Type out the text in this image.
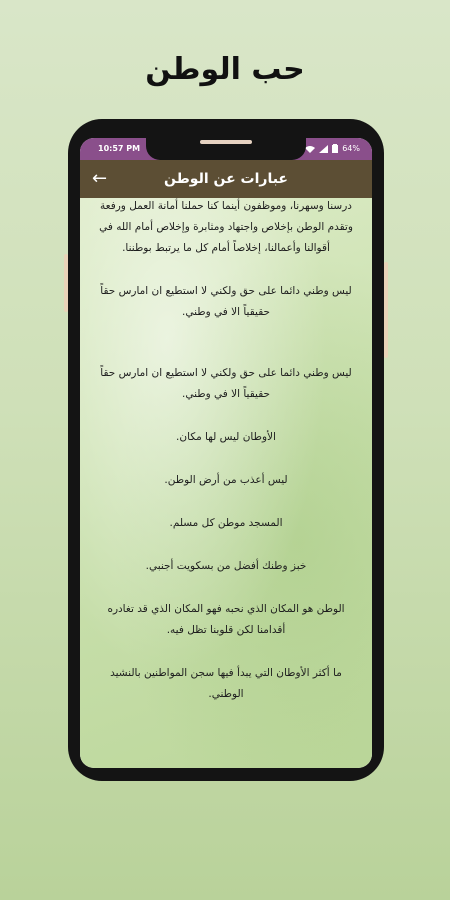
حب الوطن
10:57 PM	64%
←	عبارات عن الوطن

درسنا وسهرنا، وموظفون أينما كنا حملنا أمانة العمل ورفعة وتقدم الوطن بإخلاص واجتهاد ومثابرة وإخلاص أمام الله في أقوالنا وأعمالنا، إخلاصاً أمام كل ما يرتبط بوطننا.

ليس وطني دائما على حق ولكني لا استطيع ان امارس حقاً حقيقياً الا في وطني.

ليس وطني دائما على حق ولكني لا استطيع ان امارس حقاً حقيقياً الا في وطني.

الأوطان ليس لها مكان.

ليس أعذب من أرض الوطن.

المسجد موطن كل مسلم.

خبز وطنك أفضل من بسكويت أجنبي.

الوطن هو المكان الذي نحبه فهو المكان الذي قد تغادره أقدامنا لكن قلوبنا تظل فيه.

ما أكثر الأوطان التي يبدأ فيها سجن المواطنين بالنشيد الوطني.
